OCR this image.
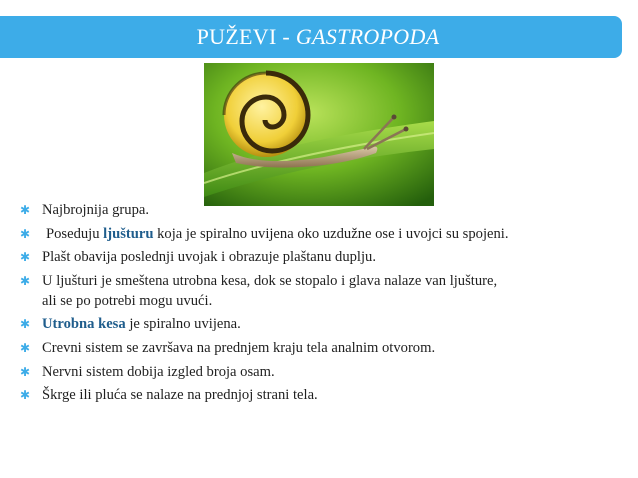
PUŽEVI - GASTROPODA
✱ Najbrojnija grupa.
✱ Poseduju ljušturu koja je spiralno uvijena oko uzdužne ose i uvojci su spojeni.
✱ Plašt obavija poslednji uvojak i obrazuje plaštanu duplju.
✱ U ljušturi je smeštena utrobna kesa, dok se stopalo i glava nalaze van ljušture,
ali se po potrebi mogu uvući.
✱ Utrobna kesa je spiralno uvijena.
✱ Crevni sistem se završava na prednjem kraju tela analnim otvorom.
✱ Nervni sistem dobija izgled broja osam.
✱ Škrge ili pluća se nalaze na prednjoj strani tela.
